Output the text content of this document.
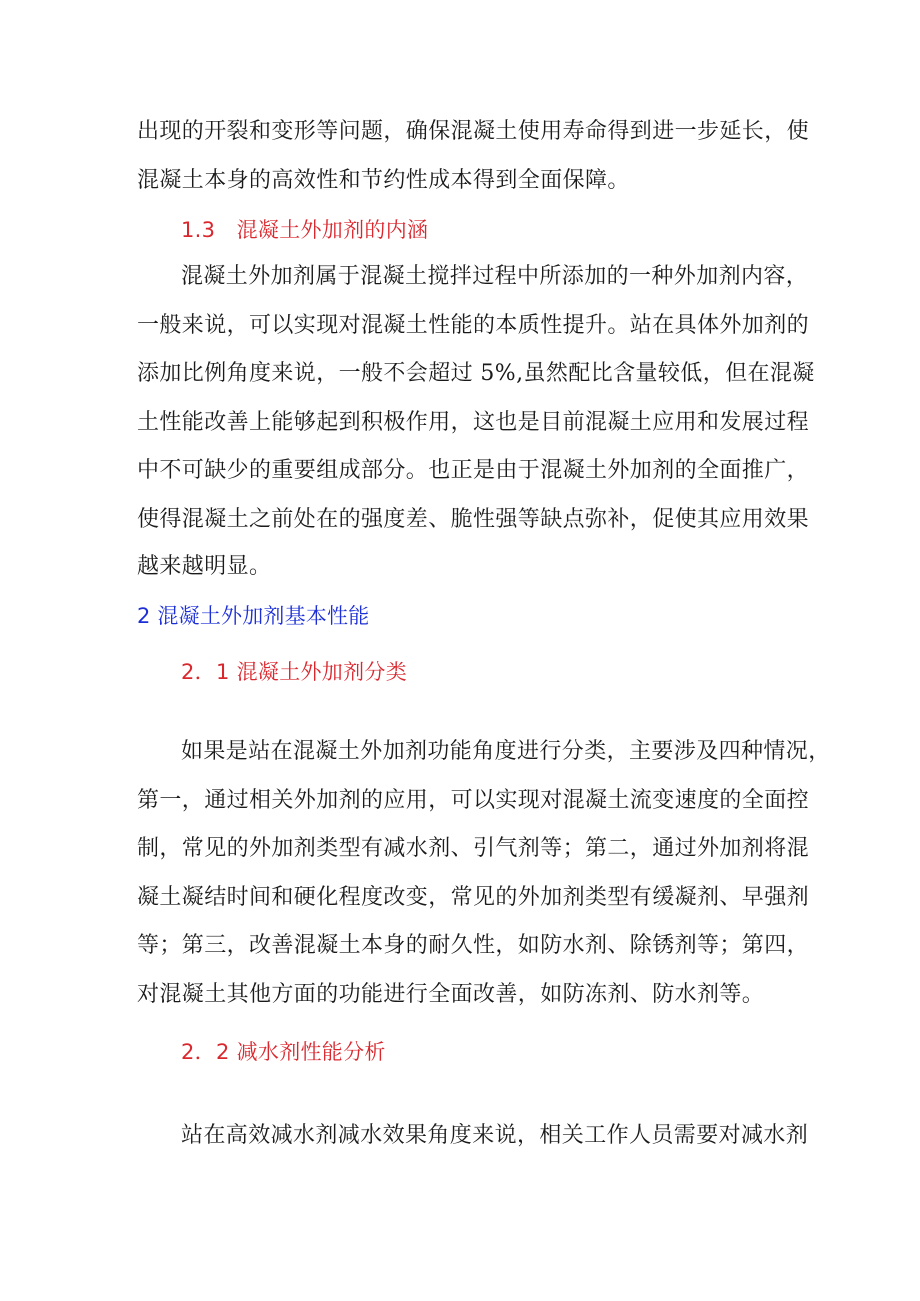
出现的开裂和变形等问题，确保混凝土使用寿命得到进一步延长，使
混凝土本身的高效性和节约性成本得到全面保障。
1.3　混凝土外加剂的内涵
混凝土外加剂属于混凝土搅拌过程中所添加的一种外加剂内容，
一般来说，可以实现对混凝土性能的本质性提升。站在具体外加剂的
添加比例角度来说，一般不会超过 5%,虽然配比含量较低，但在混凝
土性能改善上能够起到积极作用，这也是目前混凝土应用和发展过程
中不可缺少的重要组成部分。也正是由于混凝土外加剂的全面推广，
使得混凝土之前处在的强度差、脆性强等缺点弥补，促使其应用效果
越来越明显。
2 混凝土外加剂基本性能
2．1 混凝土外加剂分类
如果是站在混凝土外加剂功能角度进行分类，主要涉及四种情况，
第一，通过相关外加剂的应用，可以实现对混凝土流变速度的全面控
制，常见的外加剂类型有减水剂、引气剂等；第二，通过外加剂将混
凝土凝结时间和硬化程度改变，常见的外加剂类型有缓凝剂、早强剂
等；第三，改善混凝土本身的耐久性，如防水剂、除锈剂等；第四，
对混凝土其他方面的功能进行全面改善，如防冻剂、防水剂等。
2．2 减水剂性能分析
站在高效减水剂减水效果角度来说，相关工作人员需要对减水剂
